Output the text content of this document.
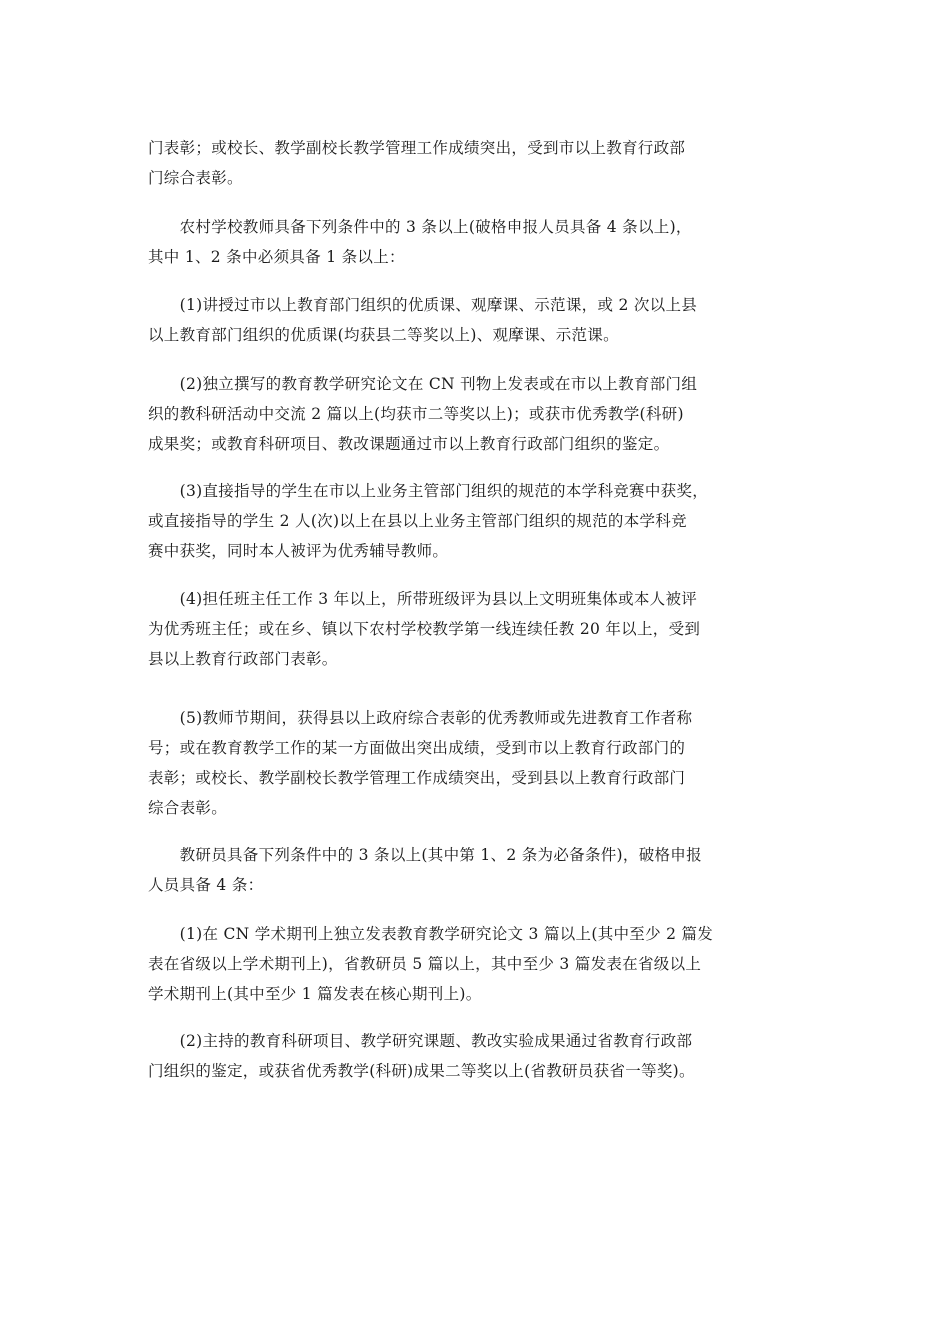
门表彰；或校长、教学副校长教学管理工作成绩突出，受到市以上教育行政部
门综合表彰。
　　农村学校教师具备下列条件中的 3 条以上(破格申报人员具备 4 条以上)，
其中 1、2 条中必须具备 1 条以上：
　　(1)讲授过市以上教育部门组织的优质课、观摩课、示范课，或 2 次以上县
以上教育部门组织的优质课(均获县二等奖以上)、观摩课、示范课。
　　(2)独立撰写的教育教学研究论文在 CN 刊物上发表或在市以上教育部门组
织的教科研活动中交流 2 篇以上(均获市二等奖以上)；或获市优秀教学(科研)
成果奖；或教育科研项目、教改课题通过市以上教育行政部门组织的鉴定。
　　(3)直接指导的学生在市以上业务主管部门组织的规范的本学科竞赛中获奖，
或直接指导的学生 2 人(次)以上在县以上业务主管部门组织的规范的本学科竞
赛中获奖，同时本人被评为优秀辅导教师。
　　(4)担任班主任工作 3 年以上，所带班级评为县以上文明班集体或本人被评
为优秀班主任；或在乡、镇以下农村学校教学第一线连续任教 20 年以上，受到
县以上教育行政部门表彰。
　　(5)教师节期间，获得县以上政府综合表彰的优秀教师或先进教育工作者称
号；或在教育教学工作的某一方面做出突出成绩，受到市以上教育行政部门的
表彰；或校长、教学副校长教学管理工作成绩突出，受到县以上教育行政部门
综合表彰。
　　教研员具备下列条件中的 3 条以上(其中第 1、2 条为必备条件)，破格申报
人员具备 4 条：
　　(1)在 CN 学术期刊上独立发表教育教学研究论文 3 篇以上(其中至少 2 篇发
表在省级以上学术期刊上)，省教研员 5 篇以上，其中至少 3 篇发表在省级以上
学术期刊上(其中至少 1 篇发表在核心期刊上)。
　　(2)主持的教育科研项目、教学研究课题、教改实验成果通过省教育行政部
门组织的鉴定，或获省优秀教学(科研)成果二等奖以上(省教研员获省一等奖)。
